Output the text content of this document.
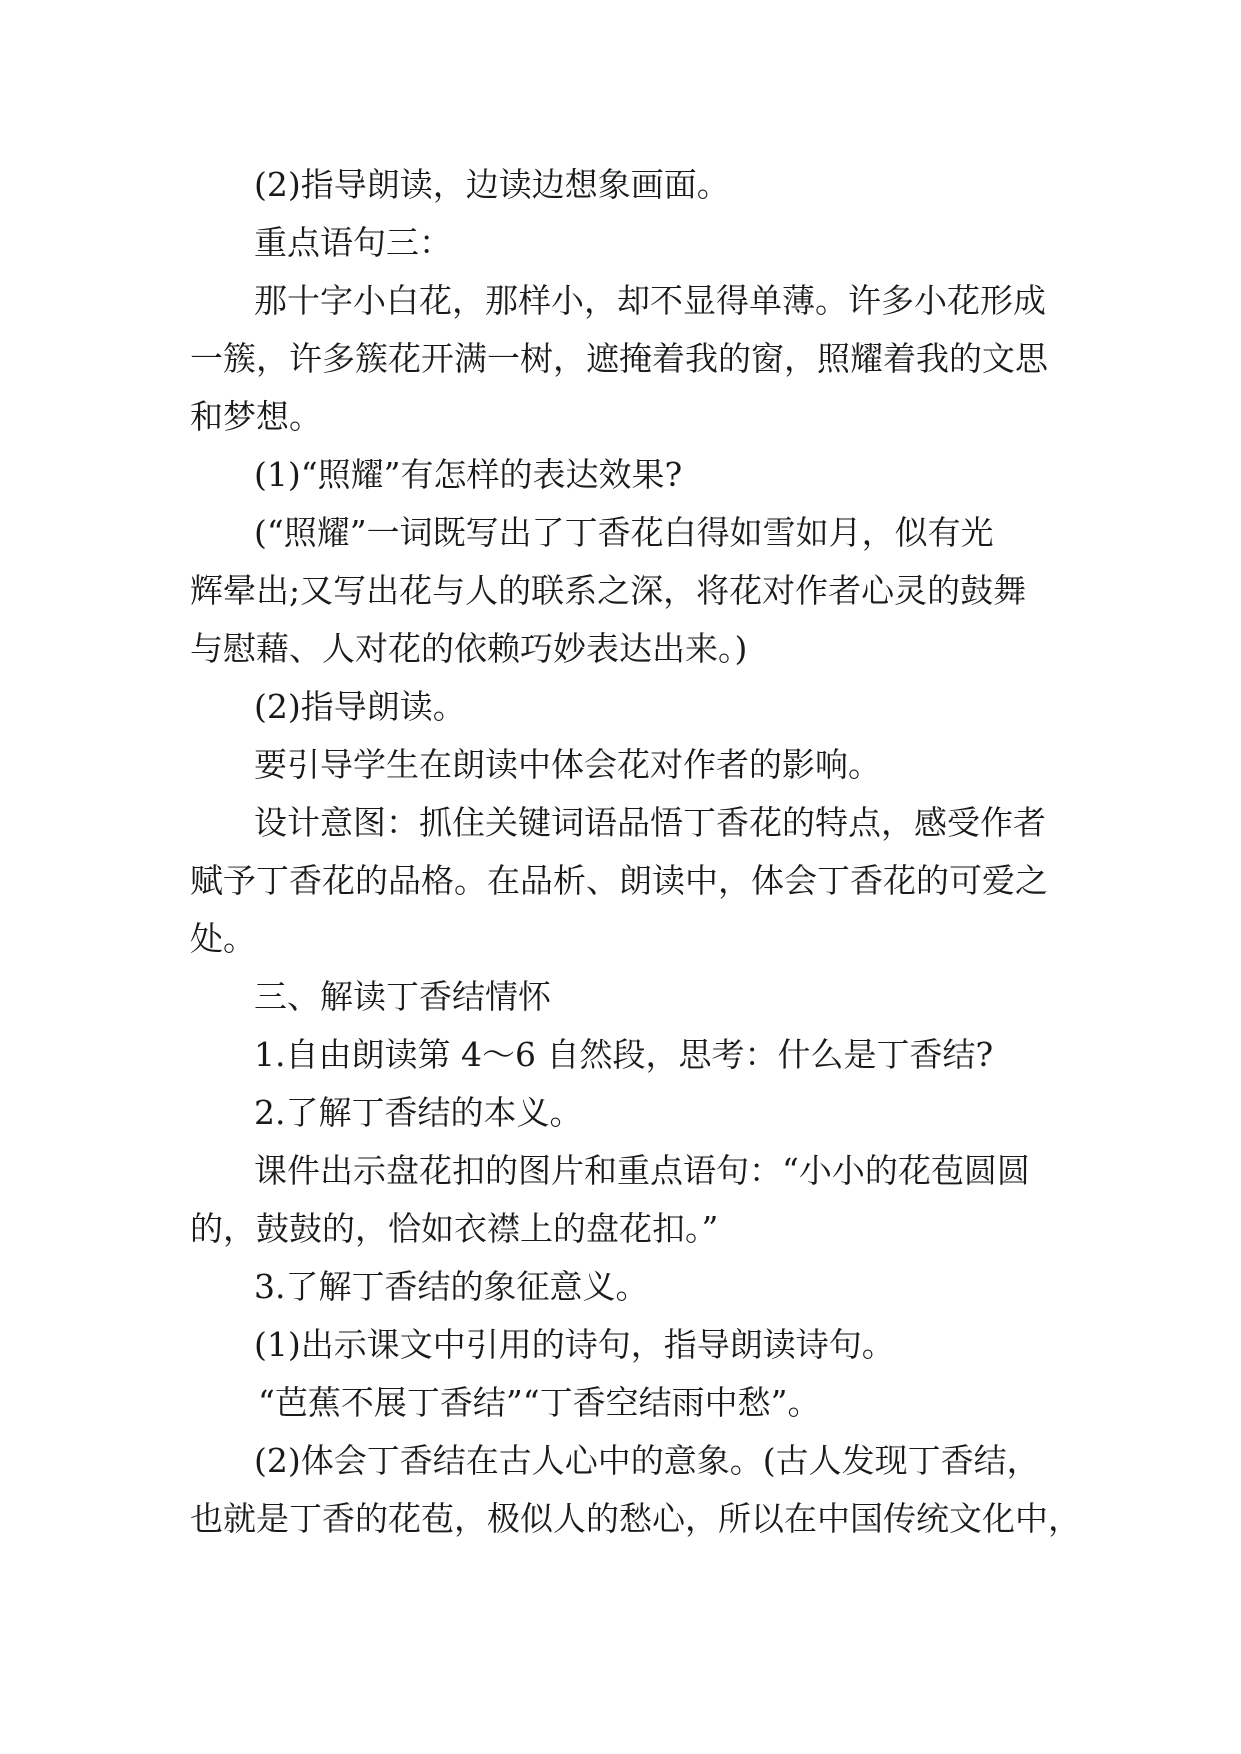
(2)指导朗读，边读边想象画面。

重点语句三：

那十字小白花，那样小，却不显得单薄。许多小花形成

一簇，许多簇花开满一树，遮掩着我的窗，照耀着我的文思

和梦想。

(1)“照耀”有怎样的表达效果?

(“照耀”一词既写出了丁香花白得如雪如月，似有光

辉晕出;又写出花与人的联系之深，将花对作者心灵的鼓舞

与慰藉、人对花的依赖巧妙表达出来。)

(2)指导朗读。

要引导学生在朗读中体会花对作者的影响。

设计意图：抓住关键词语品悟丁香花的特点，感受作者

赋予丁香花的品格。在品析、朗读中，体会丁香花的可爱之

处。

三、解读丁香结情怀

1.自由朗读第 4～6 自然段，思考：什么是丁香结?

2.了解丁香结的本义。

课件出示盘花扣的图片和重点语句：“小小的花苞圆圆

的，鼓鼓的，恰如衣襟上的盘花扣。”

3.了解丁香结的象征意义。

(1)出示课文中引用的诗句，指导朗读诗句。

“芭蕉不展丁香结”“丁香空结雨中愁”。

(2)体会丁香结在古人心中的意象。(古人发现丁香结，

也就是丁香的花苞，极似人的愁心，所以在中国传统文化中，
